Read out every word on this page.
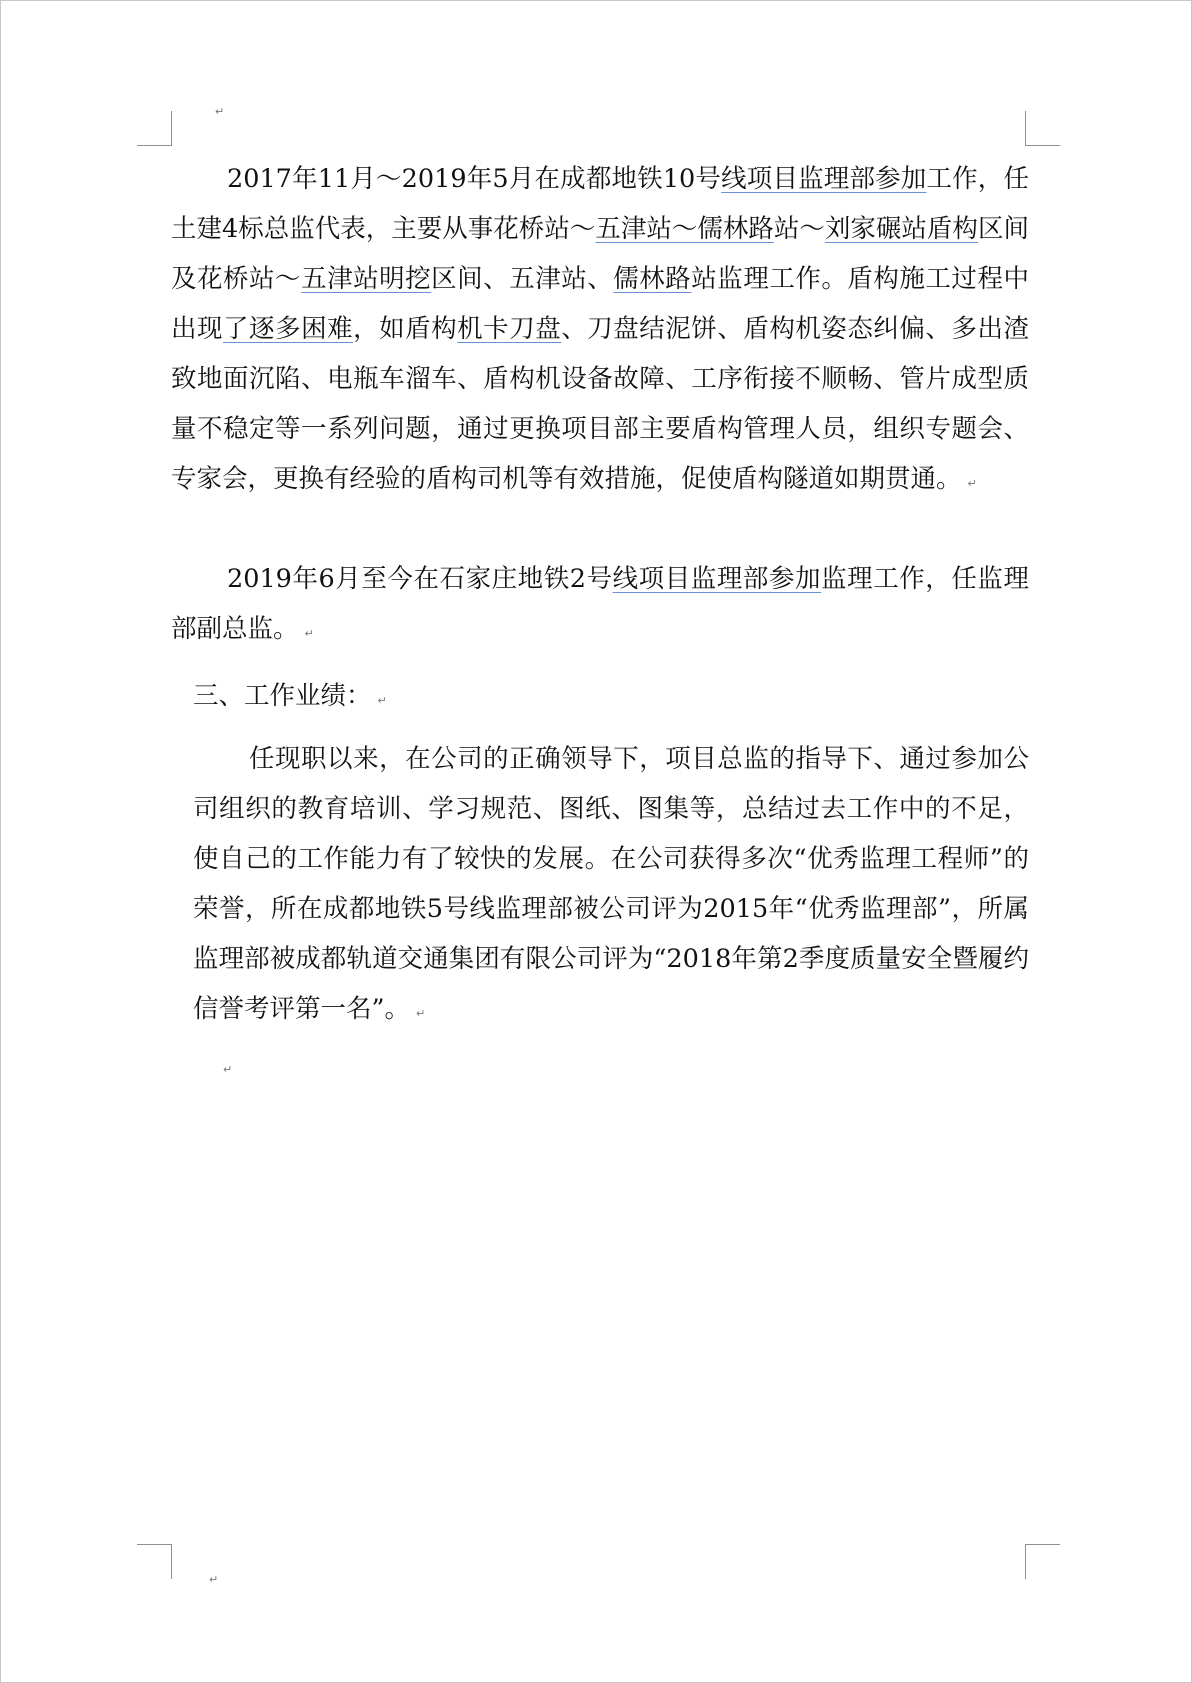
↵

2017年11月～2019年5月在成都地铁10号线项目监理部参加工作，任土建4标总监代表，主要从事花桥站～五津站～儒林路站～刘家碾站盾构区间及花桥站～五津站明挖区间、五津站、儒林路站监理工作。盾构施工过程中出现了逐多困难，如盾构机卡刀盘、刀盘结泥饼、盾构机姿态纠偏、多出渣致地面沉陷、电瓶车溜车、盾构机设备故障、工序衔接不顺畅、管片成型质量不稳定等一系列问题，通过更换项目部主要盾构管理人员，组织专题会、专家会，更换有经验的盾构司机等有效措施，促使盾构隧道如期贯通。 ↵

2019年6月至今在石家庄地铁2号线项目监理部参加监理工作，任监理部副总监。 ↵

三、工作业绩： ↵

任现职以来，在公司的正确领导下，项目总监的指导下、通过参加公司组织的教育培训、学习规范、图纸、图集等，总结过去工作中的不足，使自己的工作能力有了较快的发展。在公司获得多次“优秀监理工程师”的荣誉，所在成都地铁5号线监理部被公司评为2015年“优秀监理部”，所属监理部被成都轨道交通集团有限公司评为“2018年第2季度质量安全暨履约信誉考评第一名”。 ↵

↵
↵
